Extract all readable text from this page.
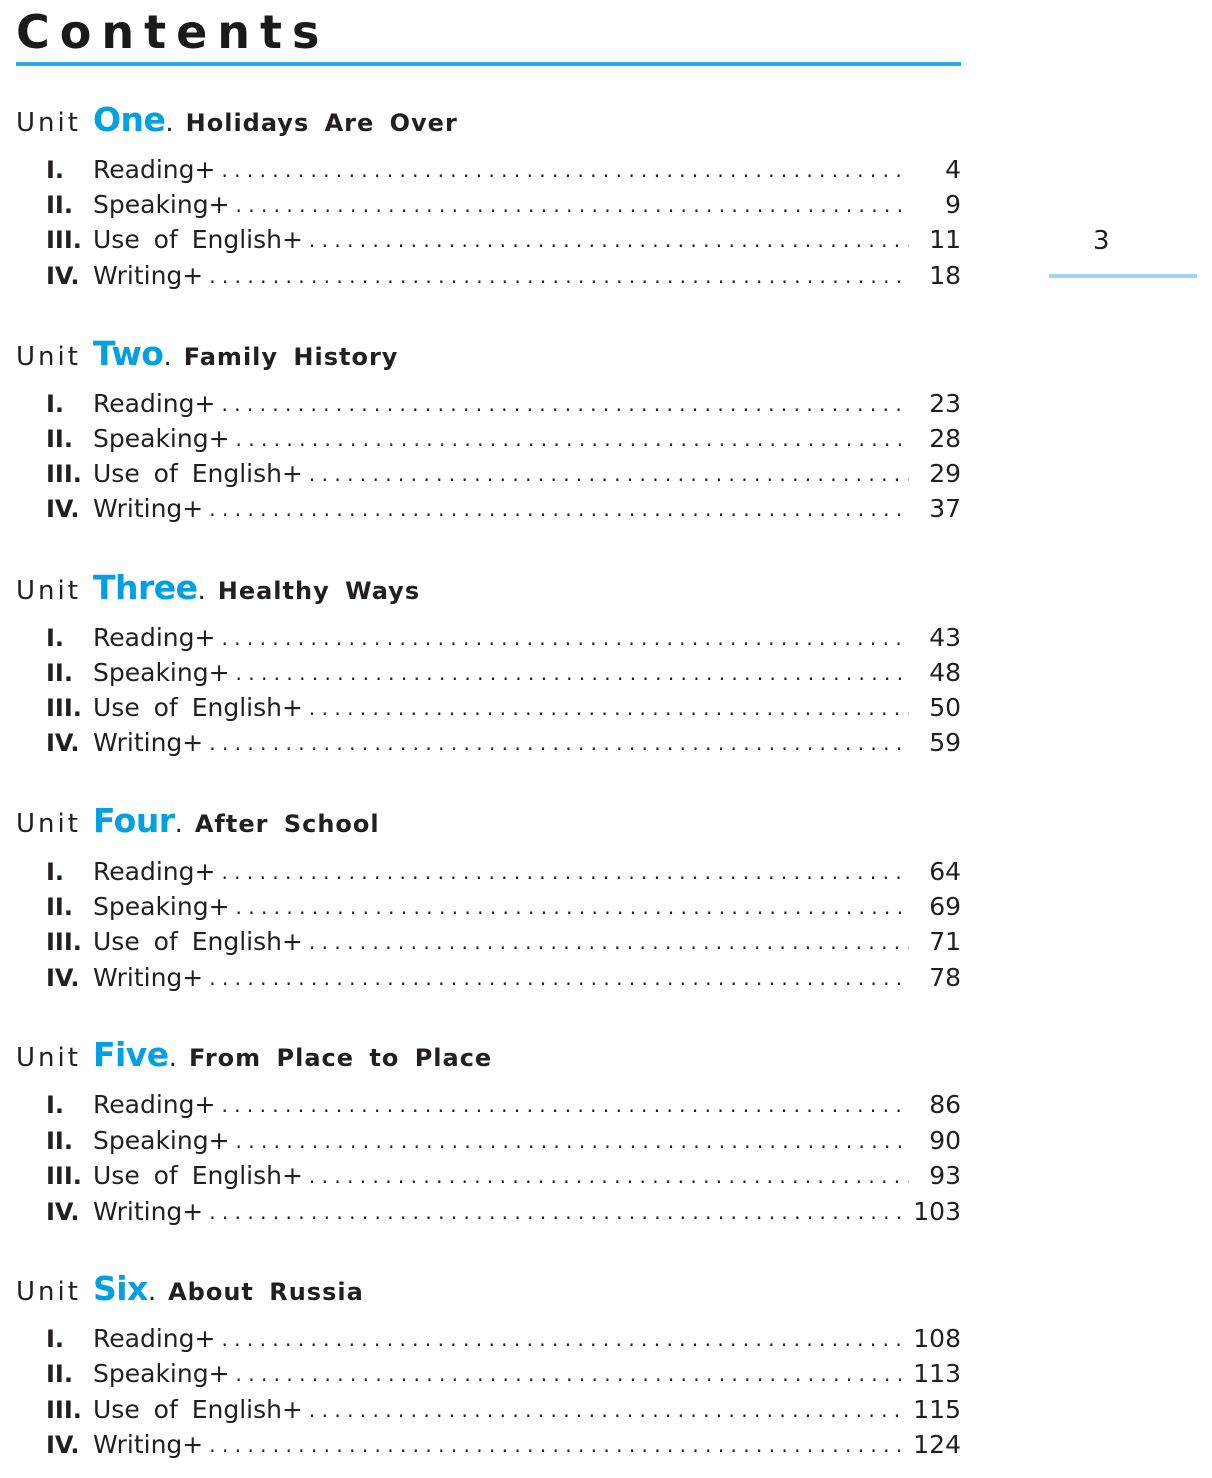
Contents
3
Unit One . Holidays Are Over
I.	Reading+ . . .	4
II. Speaking+ . . .	9
III. Use of English+ . . .	11
IV. Writing+ . . .	18
Unit Two . Family History
I.	Reading+ . . .	23
II. Speaking+ . . .	28
III. Use of English+ . . .	29
IV. Writing+ . . .	37
Unit Three . Healthy Ways
I.	Reading+ . . .	43
II. Speaking+ . . .	48
III. Use of English+ . . .	50
IV. Writing+ . . .	59
Unit Four . After School
I.	Reading+ . . .	64
II. Speaking+ . . .	69
III. Use of English+ . . .	71
IV. Writing+ . . .	78
Unit Five . From Place to Place
I.	Reading+ . . .	86
II. Speaking+ . . .	90
III. Use of English+ . . .	93
IV. Writing+ . . .	103
Unit Six . About Russia
I.	Reading+ . . .	108
II. Speaking+ . . .	113
III. Use of English+ . . .	115
IV. Writing+ . . .	124
